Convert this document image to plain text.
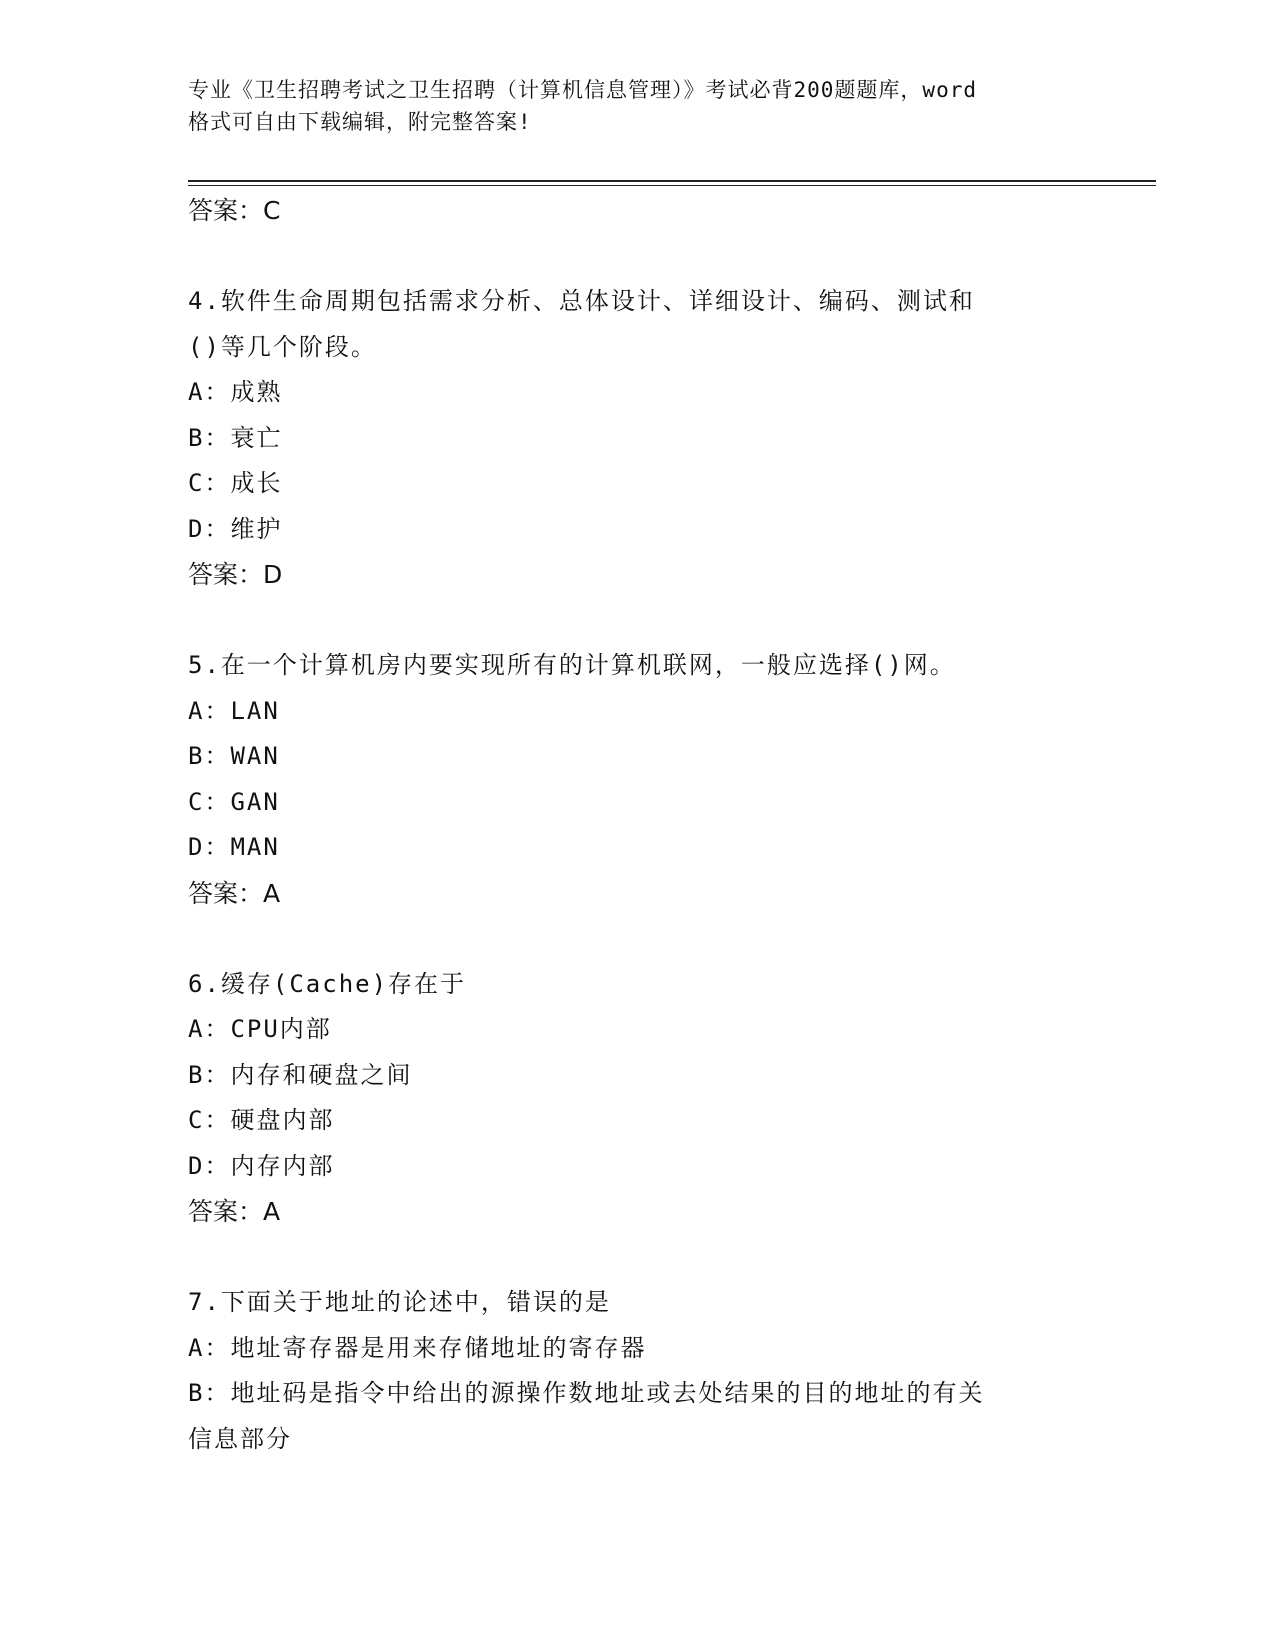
专业《卫生招聘考试之卫生招聘（计算机信息管理）》考试必背200题题库，word
格式可自由下载编辑，附完整答案!
答案：C
4.软件生命周期包括需求分析、总体设计、详细设计、编码、测试和
()等几个阶段。
A：成熟
B：衰亡
C：成长
D：维护
答案：D
5.在一个计算机房内要实现所有的计算机联网，一般应选择()网。
A：LAN
B：WAN
C：GAN
D：MAN
答案：A
6.缓存(Cache)存在于
A：CPU内部
B：内存和硬盘之间
C：硬盘内部
D：内存内部
答案：A
7.下面关于地址的论述中，错误的是
A：地址寄存器是用来存储地址的寄存器
B：地址码是指令中给出的源操作数地址或去处结果的目的地址的有关
信息部分
